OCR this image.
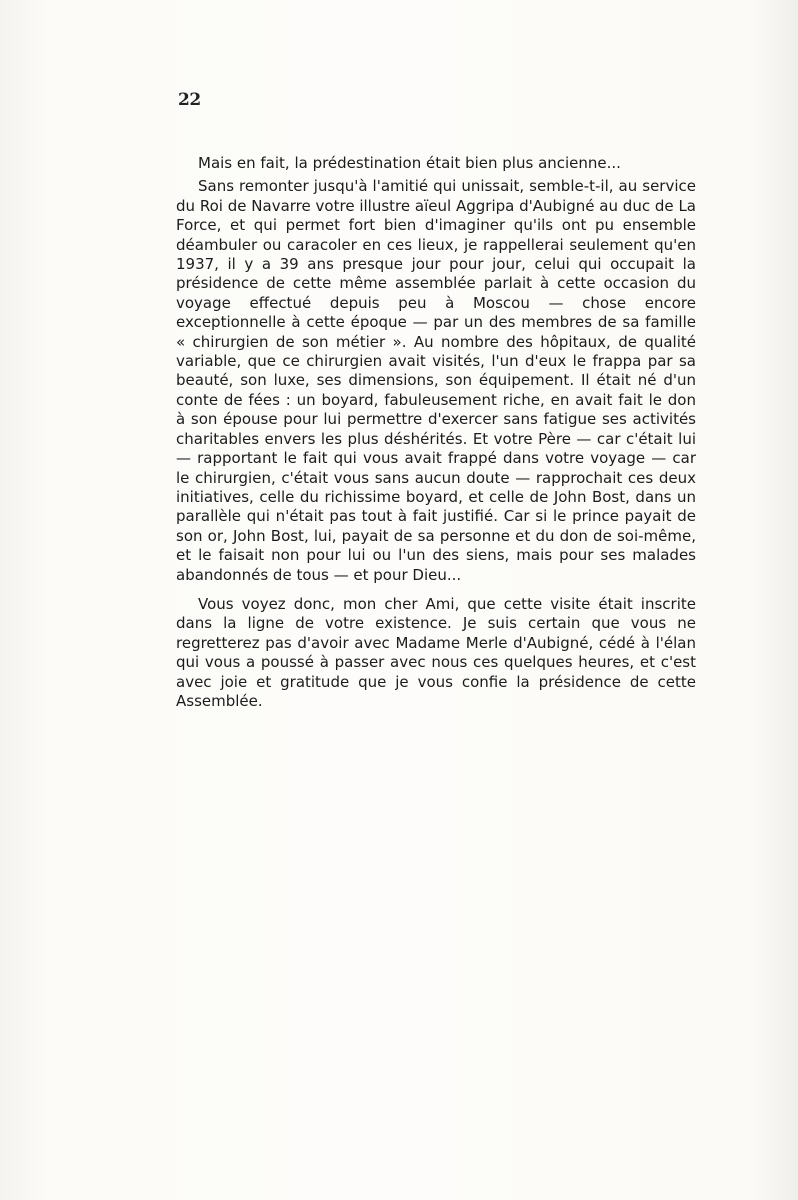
22

Mais en fait, la prédestination était bien plus ancienne...

Sans remonter jusqu'à l'amitié qui unissait, semble-t-il, au service du Roi de Navarre votre illustre aïeul Aggripa d'Aubigné au duc de La Force, et qui permet fort bien d'imaginer qu'ils ont pu ensemble déambuler ou caracoler en ces lieux, je rappellerai seulement qu'en 1937, il y a 39 ans presque jour pour jour, celui qui occupait la présidence de cette même assemblée parlait à cette occasion du voyage effectué depuis peu à Moscou — chose encore exceptionnelle à cette époque — par un des membres de sa famille « chirurgien de son métier ». Au nombre des hôpitaux, de qualité variable, que ce chirurgien avait visités, l'un d'eux le frappa par sa beauté, son luxe, ses dimensions, son équipement. Il était né d'un conte de fées : un boyard, fabuleusement riche, en avait fait le don à son épouse pour lui permettre d'exercer sans fatigue ses activités charitables envers les plus déshérités. Et votre Père — car c'était lui — rapportant le fait qui vous avait frappé dans votre voyage — car le chirurgien, c'était vous sans aucun doute — rapprochait ces deux initiatives, celle du richissime boyard, et celle de John Bost, dans un parallèle qui n'était pas tout à fait justifié. Car si le prince payait de son or, John Bost, lui, payait de sa personne et du don de soi-même, et le faisait non pour lui ou l'un des siens, mais pour ses malades abandonnés de tous — et pour Dieu...

Vous voyez donc, mon cher Ami, que cette visite était inscrite dans la ligne de votre existence. Je suis certain que vous ne regretterez pas d'avoir avec Madame Merle d'Aubigné, cédé à l'élan qui vous a poussé à passer avec nous ces quelques heures, et c'est avec joie et gratitude que je vous confie la présidence de cette Assemblée.
